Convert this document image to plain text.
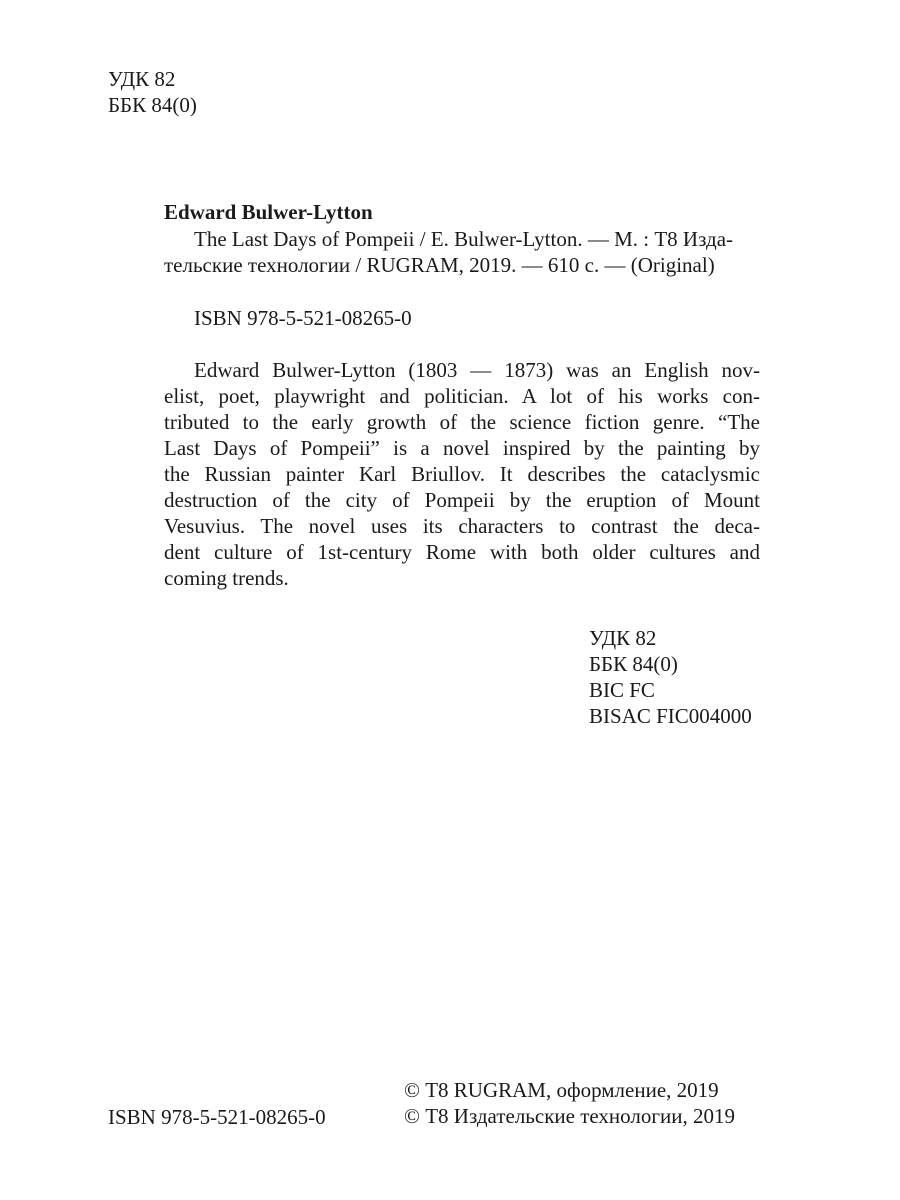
УДК 82
ББК 84(0)
Edward Bulwer-Lytton
The Last Days of Pompeii / E. Bulwer-Lytton. — М. : Т8 Изда-
тельские технологии / RUGRAM, 2019. — 610 с. — (Original)
ISBN 978-5-521-08265-0
Edward Bulwer-Lytton (1803 — 1873) was an English nov-
elist, poet, playwright and politician. A lot of his works con-
tributed to the early growth of the science fiction genre. “The
Last Days of Pompeii” is a novel inspired by the painting by
the Russian painter Karl Briullov. It describes the cataclysmic
destruction of the city of Pompeii by the eruption of Mount
Vesuvius. The novel uses its characters to contrast the deca-
dent culture of 1st-century Rome with both older cultures and
coming trends.
УДК 82
ББК 84(0)
BIC FC
BISAC FIC004000
ISBN 978-5-521-08265-0
© Т8 RUGRAM, оформление, 2019
© Т8 Издательские технологии, 2019
